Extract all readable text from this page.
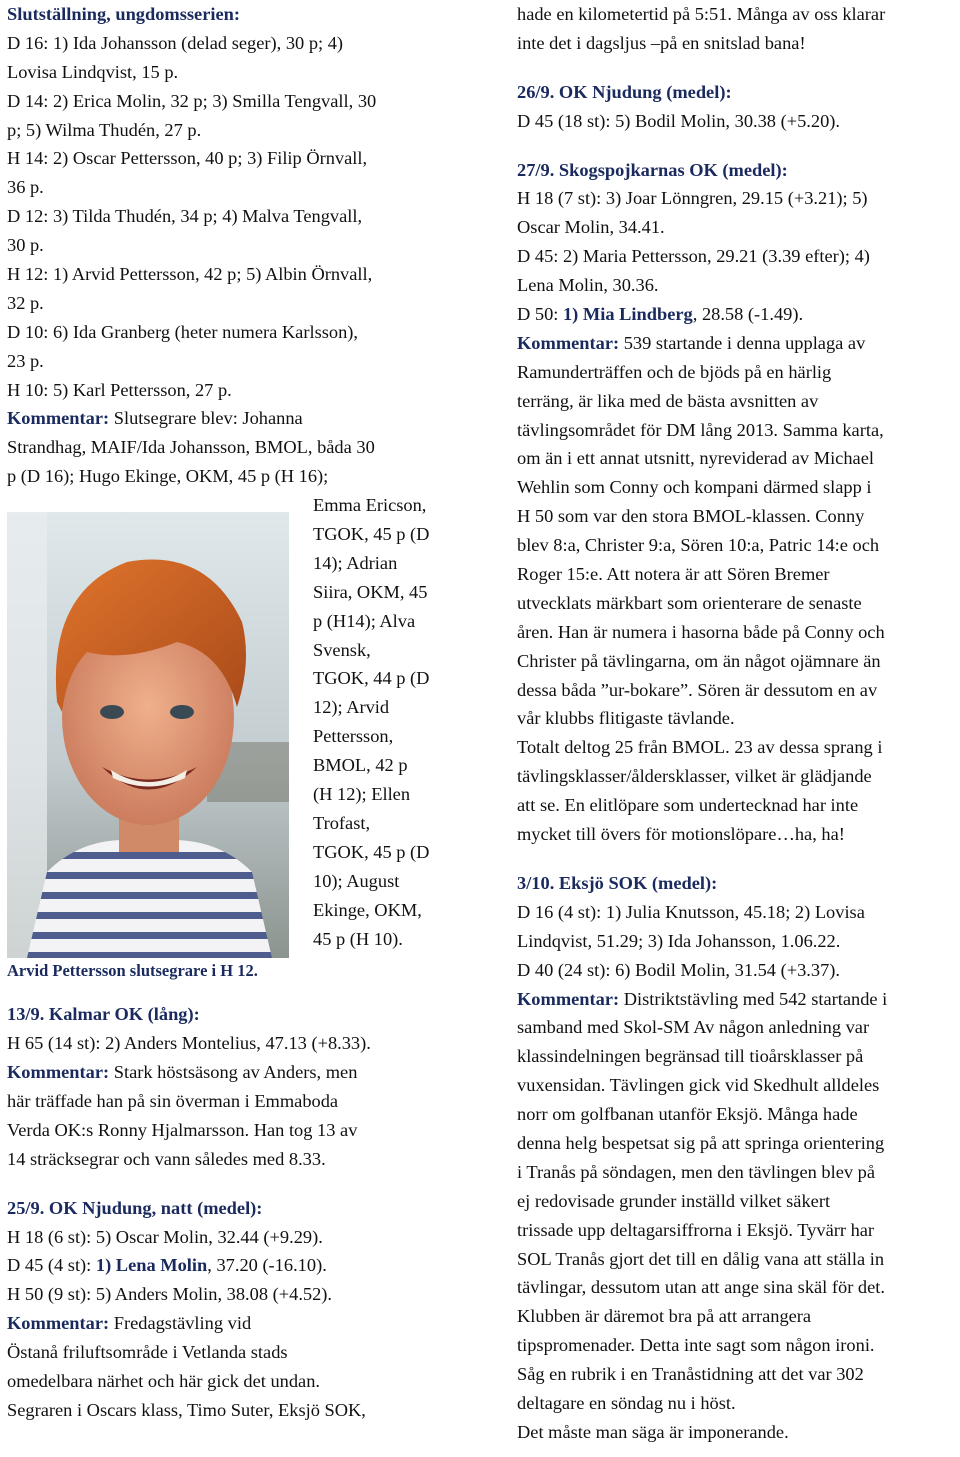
Slutställning, ungdomsserien:
D 16: 1) Ida Johansson (delad seger), 30 p; 4)
Lovisa Lindqvist, 15 p.
D 14: 2) Erica Molin, 32 p; 3) Smilla Tengvall, 30
p; 5) Wilma Thudén, 27 p.
H 14: 2) Oscar Pettersson, 40 p; 3) Filip Örnvall,
36 p.
D 12: 3) Tilda Thudén, 34 p; 4) Malva Tengvall,
30 p.
H 12: 1) Arvid Pettersson, 42 p; 5) Albin Örnvall,
32 p.
D 10: 6) Ida Granberg (heter numera Karlsson),
23 p.
H 10: 5) Karl Pettersson, 27 p.
Kommentar: Slutsegrare blev: Johanna
Strandhag, MAIF/Ida Johansson, BMOL, båda 30
p (D 16); Hugo Ekinge, OKM, 45 p (H 16);
Emma Ericson,
TGOK, 45 p (D
14); Adrian
Siira, OKM, 45
p (H14); Alva
Svensk,
TGOK, 44 p (D
12); Arvid
Pettersson,
BMOL, 42 p
(H 12); Ellen
Trofast,
TGOK, 45 p (D
10); August
Ekinge, OKM,
45 p (H 10).
Arvid Pettersson slutsegrare i H 12.
13/9. Kalmar OK (lång):
H 65 (14 st): 2) Anders Montelius, 47.13 (+8.33).
Kommentar: Stark höstsäsong av Anders, men
här träffade han på sin överman i Emmaboda
Verda OK:s Ronny Hjalmarsson. Han tog 13 av
14 sträcksegrar och vann således med 8.33.
25/9. OK Njudung, natt (medel):
H 18 (6 st): 5) Oscar Molin, 32.44 (+9.29).
D 45 (4 st): 1) Lena Molin, 37.20 (-16.10).
H 50 (9 st): 5) Anders Molin, 38.08 (+4.52).
Kommentar: Fredagstävling vid
Östanå friluftsområde i Vetlanda stads
omedelbara närhet och här gick det undan.
Segraren i Oscars klass, Timo Suter, Eksjö SOK,
hade en kilometertid på 5:51. Många av oss klarar
inte det i dagsljus –på en snitslad bana!
26/9. OK Njudung (medel):
D 45 (18 st): 5) Bodil Molin, 30.38 (+5.20).
27/9. Skogspojkarnas OK (medel):
H 18 (7 st): 3) Joar Lönngren, 29.15 (+3.21); 5)
Oscar Molin, 34.41.
D 45: 2) Maria Pettersson, 29.21 (3.39 efter); 4)
Lena Molin, 30.36.
D 50: 1) Mia Lindberg, 28.58 (-1.49).
Kommentar: 539 startande i denna upplaga av
Ramunderträffen och de bjöds på en härlig
terräng, är lika med de bästa avsnitten av
tävlingsområdet för DM lång 2013. Samma karta,
om än i ett annat utsnitt, nyreviderad av Michael
Wehlin som Conny och kompani därmed slapp i
H 50 som var den stora BMOL-klassen. Conny
blev 8:a, Christer 9:a, Sören 10:a, Patric 14:e och
Roger 15:e. Att notera är att Sören Bremer
utvecklats märkbart som orienterare de senaste
åren. Han är numera i hasorna både på Conny och
Christer på tävlingarna, om än något ojämnare än
dessa båda ”ur-bokare”. Sören är dessutom en av
vår klubbs flitigaste tävlande.
Totalt deltog 25 från BMOL. 23 av dessa sprang i
tävlingsklasser/åldersklasser, vilket är glädjande
att se. En elitlöpare som undertecknad har inte
mycket till övers för motionslöpare…ha, ha!
3/10. Eksjö SOK (medel):
D 16 (4 st): 1) Julia Knutsson, 45.18; 2) Lovisa
Lindqvist, 51.29; 3) Ida Johansson, 1.06.22.
D 40 (24 st): 6) Bodil Molin, 31.54 (+3.37).
Kommentar: Distriktstävling med 542 startande i
samband med Skol-SM Av någon anledning var
klassindelningen begränsad till tioårsklasser på
vuxensidan. Tävlingen gick vid Skedhult alldeles
norr om golfbanan utanför Eksjö. Många hade
denna helg bespetsat sig på att springa orientering
i Tranås på söndagen, men den tävlingen blev på
ej redovisade grunder inställd vilket säkert
trissade upp deltagarsiffrorna i Eksjö. Tyvärr har
SOL Tranås gjort det till en dålig vana att ställa in
tävlingar, dessutom utan att ange sina skäl för det.
Klubben är däremot bra på att arrangera
tipspromenader. Detta inte sagt som någon ironi.
Såg en rubrik i en Tranåstidning att det var 302
deltagare en söndag nu i höst.
Det måste man säga är imponerande.
